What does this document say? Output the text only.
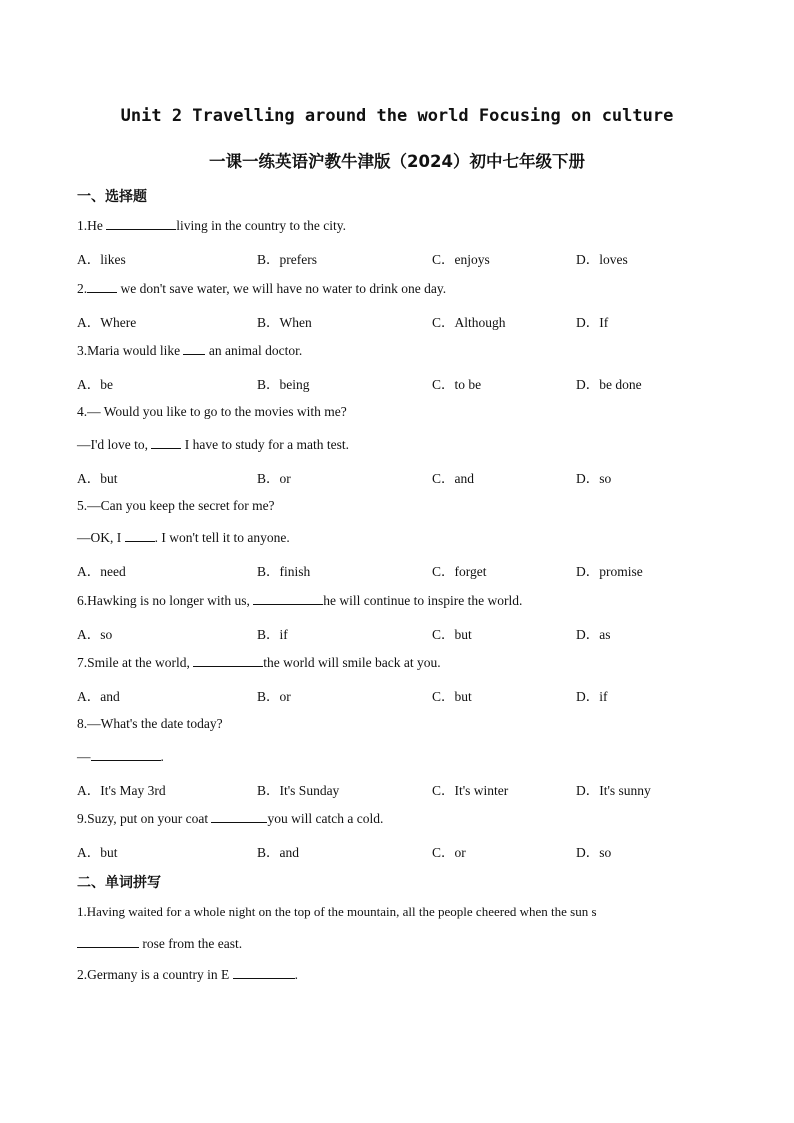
Unit 2 Travelling around the world Focusing on culture
一课一练英语沪教牛津版（2024）初中七年级下册
一、选择题
1.He	living in the country to the city.
A．likes	B．prefers	C．enjoys	D．loves
2. we don't save water, we will have no water to drink one day.
A．Where	B．When	C．Although	D．If
3.Maria would like  an animal doctor.
A．be	B．being	C．to be	D．be done
4.— Would you like to go to the movies with me?
—I'd love to,  I have to study for a math test.
A．but	B．or	C．and	D．so
5.—Can you keep the secret for me?
—OK, I . I won't tell it to anyone.
A．need	B．finish	C．forget	D．promise
6.Hawking is no longer with us,	he will continue to inspire the world.
A．so	B．if	C．but	D．as
7.Smile at the world,	the world will smile back at you.
A．and	B．or	C．but	D．if
8.—What's the date today?
—	.
A．It's May 3rd	B．It's Sunday	C．It's winter	D．It's sunny
9.Suzy, put on your coat	you will catch a cold.
A．but	B．and	C．or	D．so
二、单词拼写
1.Having waited for a whole night on the top of the mountain, all the people cheered when the sun s
rose from the east.
2.Germany is a country in E	.
